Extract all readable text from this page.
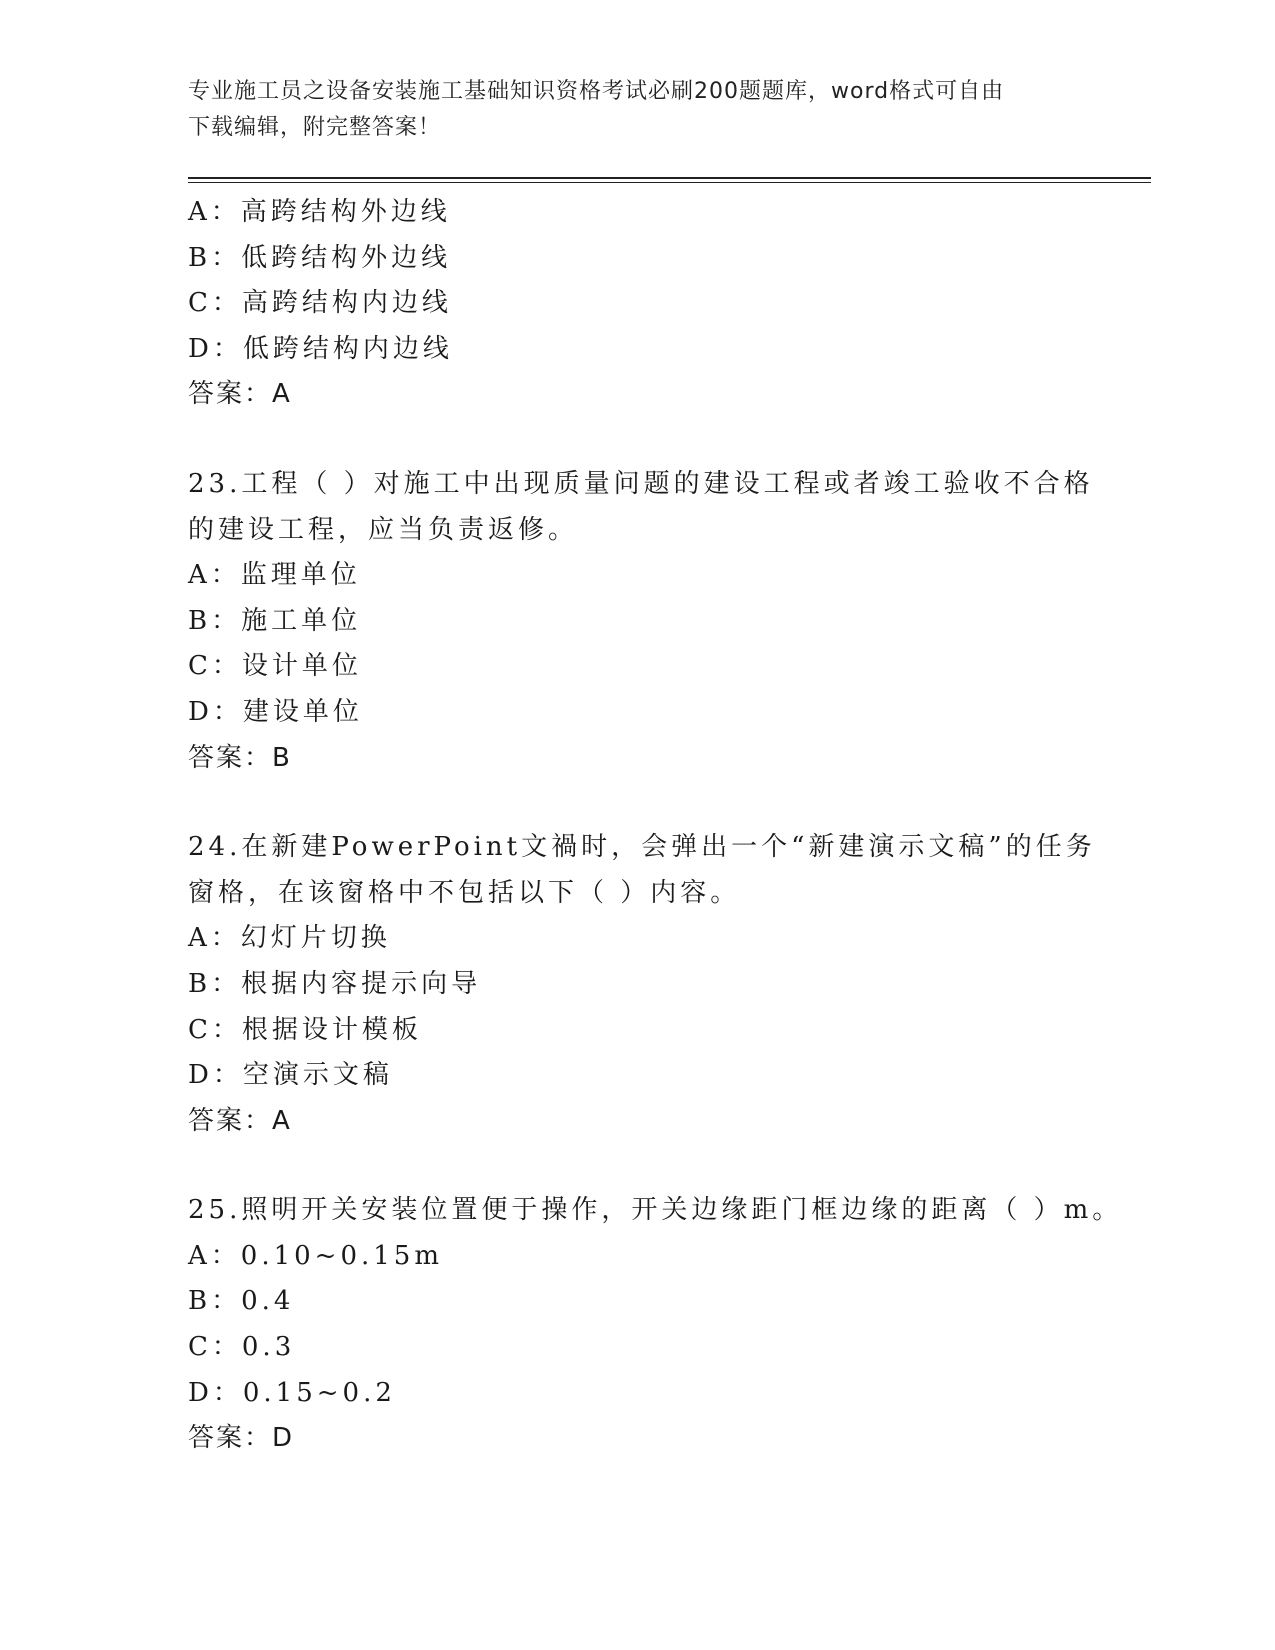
专业施工员之设备安装施工基础知识资格考试必刷200题题库，word格式可自由
下载编辑，附完整答案！
A：高跨结构外边线
B：低跨结构外边线
C：高跨结构内边线
D：低跨结构内边线
答案：A
23.工程（ ）对施工中出现质量问题的建设工程或者竣工验收不合格
的建设工程，应当负责返修。
A：监理单位
B：施工单位
C：设计单位
D：建设单位
答案：B
24.在新建PowerPoint文禍时，会弹出一个“新建演示文稿”的任务
窗格，在该窗格中不包括以下（ ）内容。
A：幻灯片切换
B：根据内容提示向导
C：根据设计模板
D：空演示文稿
答案：A
25.照明开关安装位置便于操作，开关边缘距门框边缘的距离（ ）m。
A：0.10~0.15m
B：0.4
C：0.3
D：0.15~0.2
答案：D
